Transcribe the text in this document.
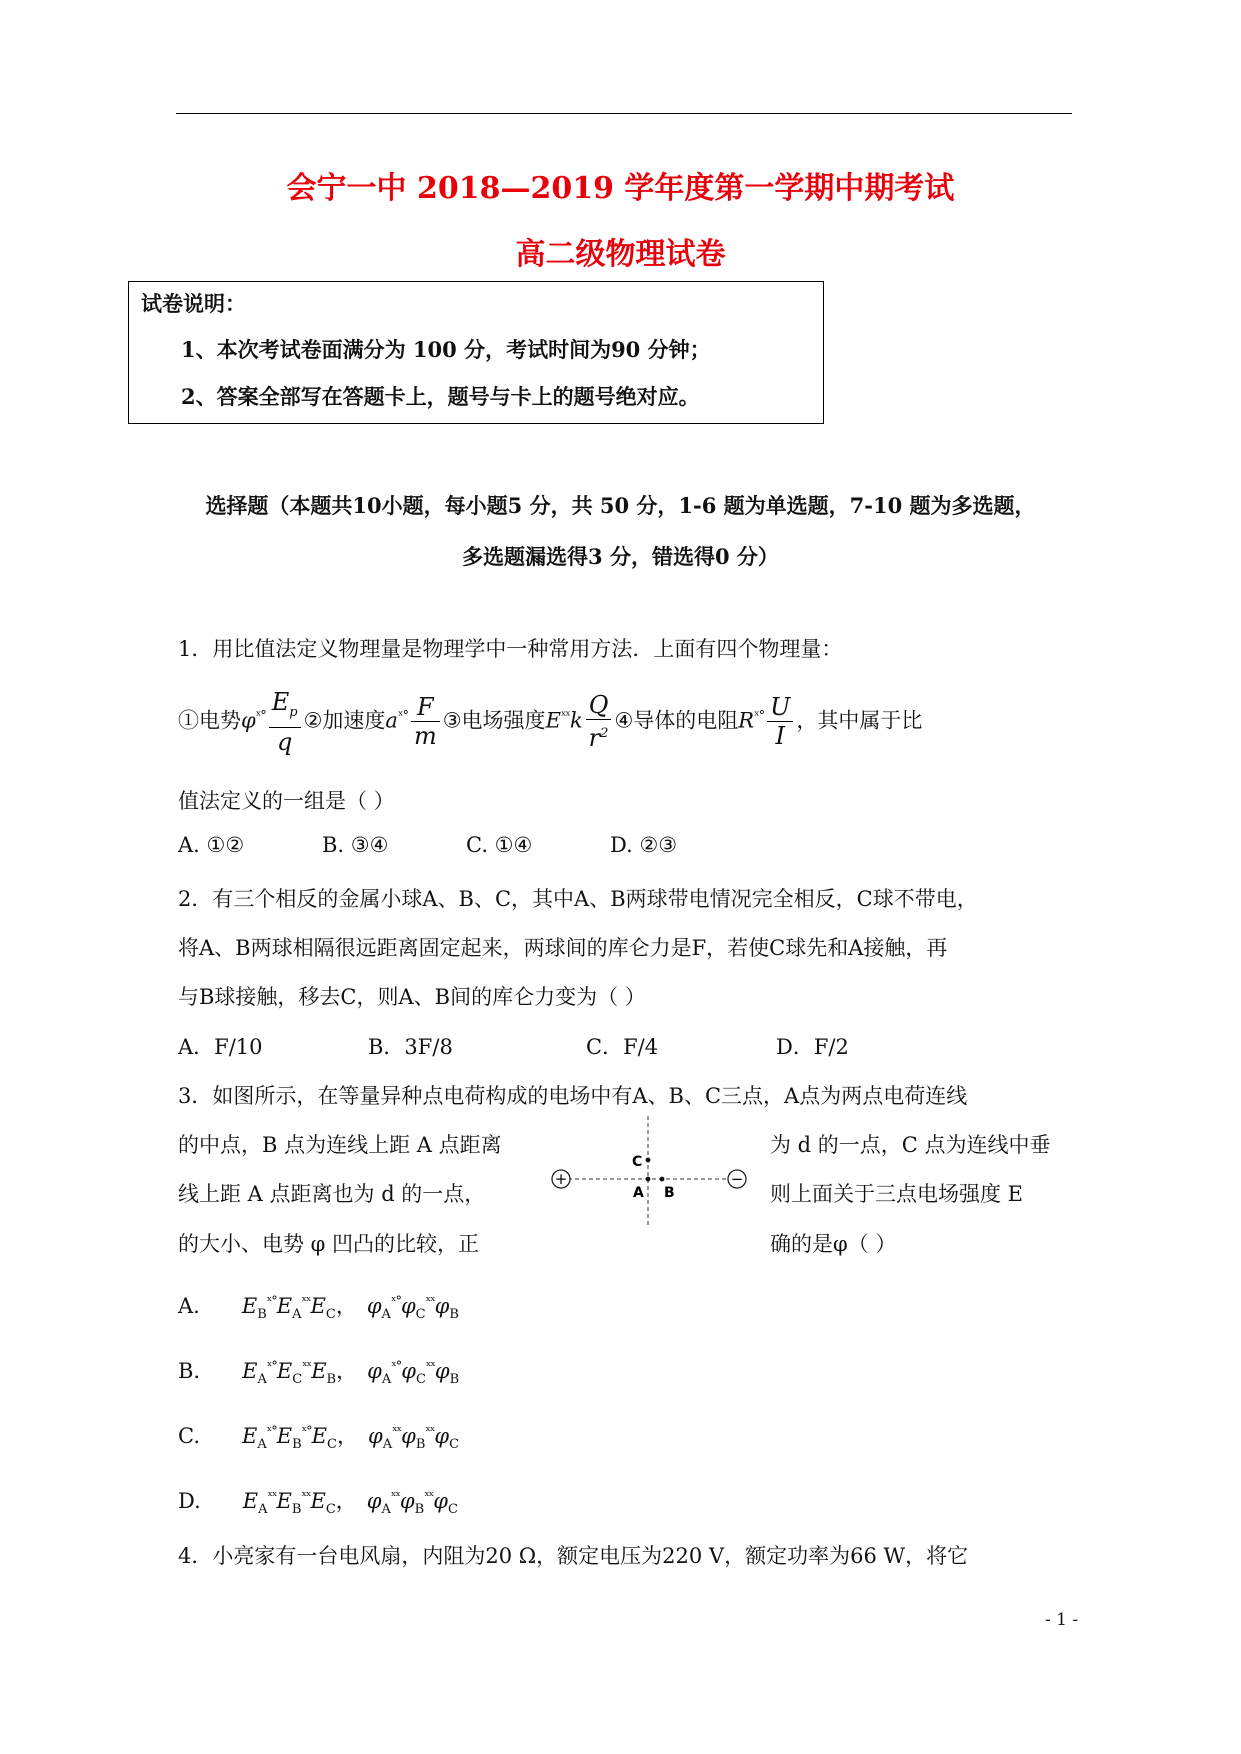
会宁一中 2018—2019 学年度第一学期中期考试
高二级物理试卷
试卷说明：
1、本次考试卷面满分为 100 分，考试时间为90 分钟；
2、答案全部写在答题卡上，题号与卡上的题号绝对应。
选择题（本题共10小题，每小题5 分，共 50 分，1-6 题为单选题，7-10 题为多选题，
多选题漏选得3 分，错选得0 分）
1．用比值法定义物理量是物理学中一种常用方法．上面有四个物理量：
①电势$\varphi^{ˣ^\circ} \frac{E_p}{q}$ ②加速度$a^{ˣ^\circ} \frac{F}{m}$ ③电场强度$E^{ˣˣ}k \frac{Q}{r^2}$ ④导体的电阻$R^{ˣ^\circ} \frac{U}{I}$ ，其中属于比
值法定义的一组是（ ）
A. ①②	B. ③④	C. ①④	D. ②③
2．有三个相反的金属小球A、B、C，其中A、B两球带电情况完全相反，C球不带电，
将A、B两球相隔很远距离固定起来，两球间的库仑力是F，若使C球先和A接触，再
与B球接触，移去C，则A、B间的库仑力变为（ ）
A．F/10	B．3F/8	C．F/4	D．F/2
3．如图所示，在等量异种点电荷构成的电场中有A、B、C三点，A点为两点电荷连线
的中点，B 点为连线上距 A 点距离	为 d 的一点，C 点为连线中垂
线上距 A 点距离也为 d 的一点，	则上面关于三点电场强度 E
的大小、电势 φ 凹凸的比较，正	确的是φ（ ）
+	−
C
A B
A. $E_B^{ˣ^\circ}E_A^{ˣˣ}E_C$， $\varphi_A^{ˣ^\circ}\varphi_C^{ˣˣ}\varphi_B$
B. $E_A^{ˣ^\circ}E_C^{ˣˣ}E_B$， $\varphi_A^{ˣ^\circ}\varphi_C^{ˣˣ}\varphi_B$
C. $E_A^{ˣ^\circ}E_B^{ˣ^\circ}E_C$， $\varphi_A^{ˣˣ}\varphi_B^{ˣˣ}\varphi_C$
D. $E_A^{ˣˣ}E_B^{ˣˣ}E_C$， $\varphi_A^{ˣˣ}\varphi_B^{ˣˣ}\varphi_C$
4．小亮家有一台电风扇，内阻为20 Ω，额定电压为220 V，额定功率为66 W，将它
- 1 -
